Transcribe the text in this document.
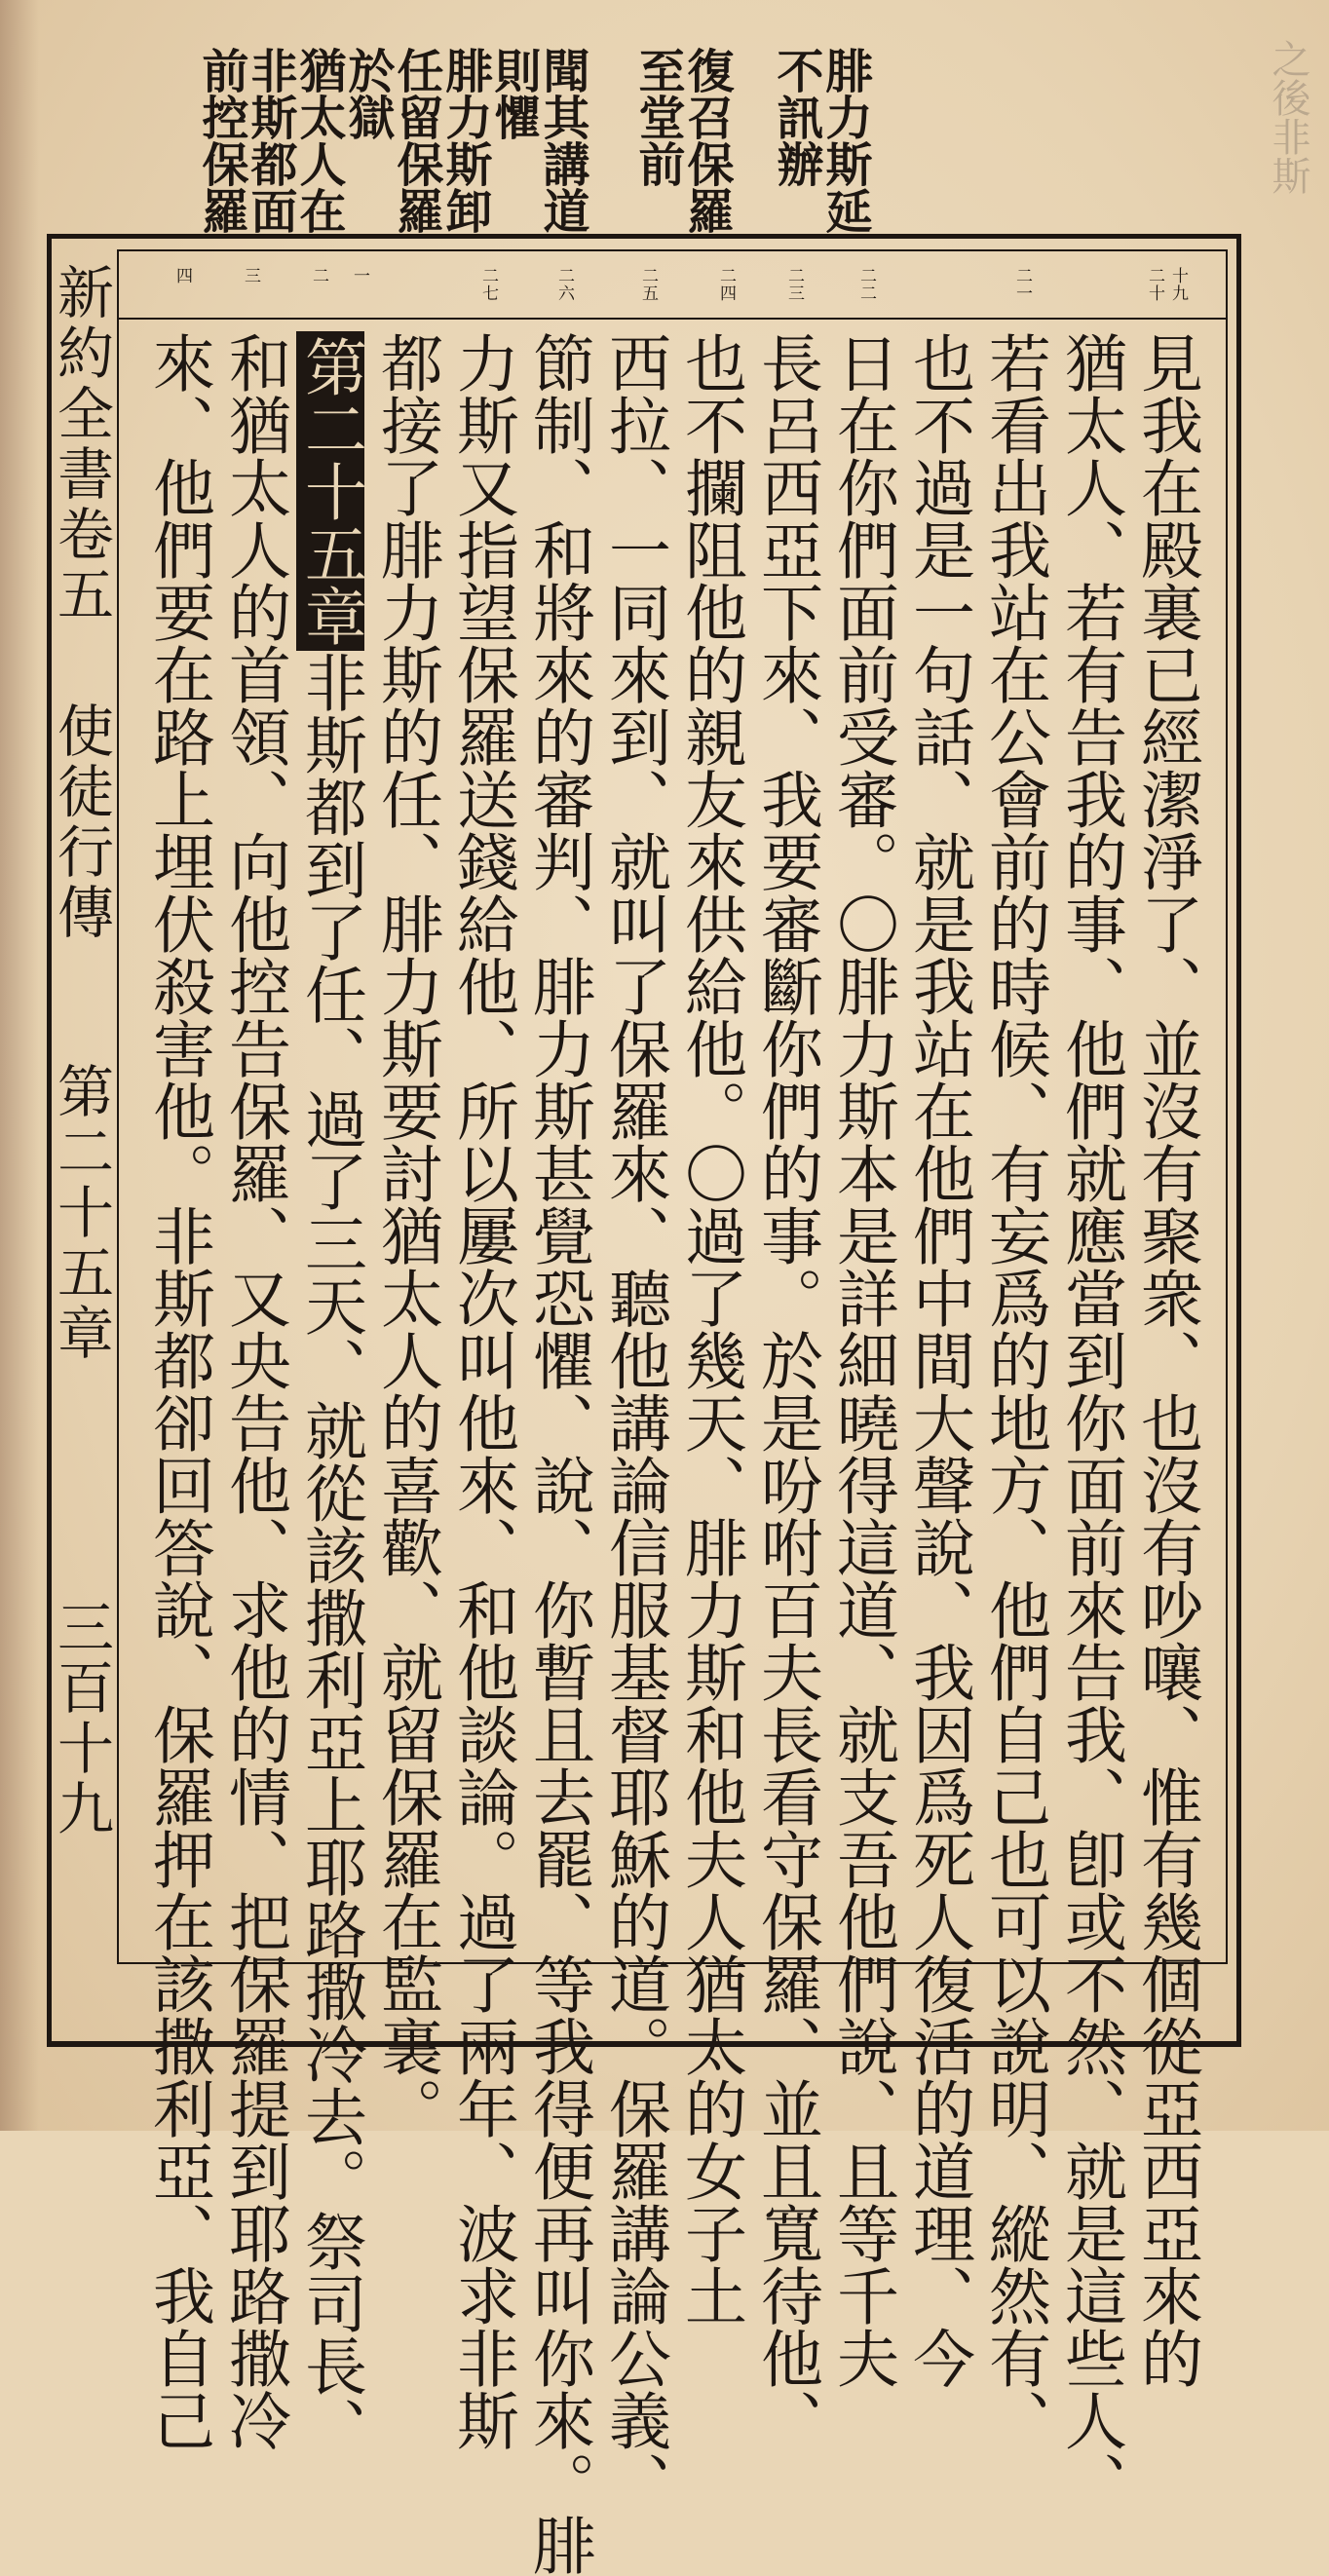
之後非斯
腓力斯延
不訊辦
復召保羅
至堂前
聞其講道
則懼
腓力斯卸
任留保羅
於獄
猶太人在
非斯都面
前控保羅
十九
二十
二一
二二
二三
二四
二五
二六
二七
一
二
三
四
見我在殿裏已經潔淨了、並沒有聚衆、也沒有吵嚷、惟有幾個從亞西亞來的
猶太人、若有告我的事、他們就應當到你面前來告我、卽或不然、就是這些人、
若看出我站在公會前的時候、有妄爲的地方、他們自己也可以說明、縱然有、
也不過是一句話、就是我站在他們中間大聲說、我因爲死人復活的道理、今
日在你們面前受審。〇腓力斯本是詳細曉得這道、就支吾他們說、且等千夫
長呂西亞下來、我要審斷你們的事。於是吩咐百夫長看守保羅、並且寬待他、
也不攔阻他的親友來供給他。〇過了幾天、腓力斯和他夫人猶太的女子土
西拉、一同來到、就叫了保羅來、聽他講論信服基督耶穌的道。保羅講論公義、
節制、和將來的審判、腓力斯甚覺恐懼、說、你暫且去罷、等我得便再叫你來。腓
力斯又指望保羅送錢給他、所以屢次叫他來、和他談論。過了兩年、波求非斯
都接了腓力斯的任、腓力斯要討猶太人的喜歡、就留保羅在監裏。
第二十五章非斯都到了任、過了三天、就從該撒利亞上耶路撒冷去。祭司長、
和猶太人的首領、向他控告保羅、又央告他、求他的情、把保羅提到耶路撒冷
來、他們要在路上埋伏殺害他。非斯都卻回答說、保羅押在該撒利亞、我自己
新約全書卷五
使徒行傳
第二十五章
三百十九
